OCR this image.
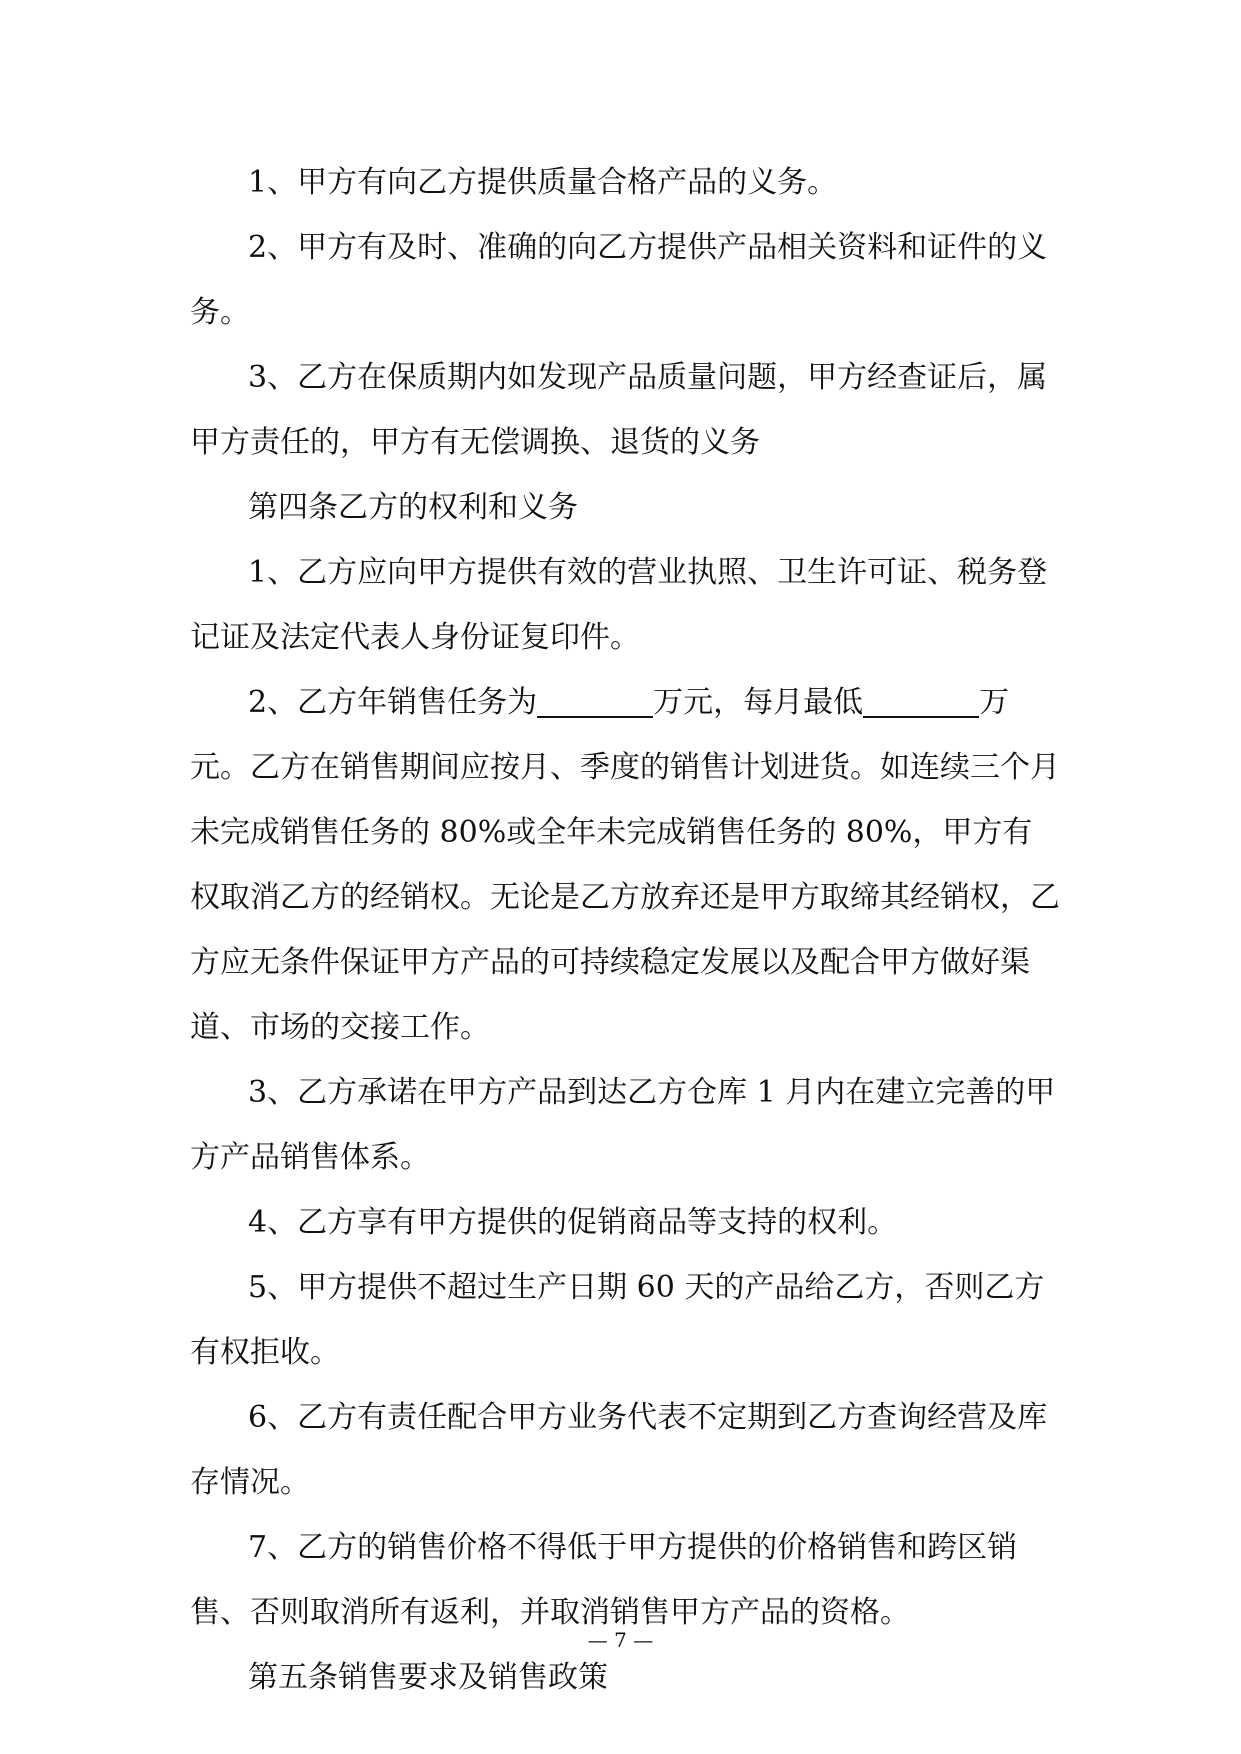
1、甲方有向乙方提供质量合格产品的义务。

2、甲方有及时、准确的向乙方提供产品相关资料和证件的义务。

3、乙方在保质期内如发现产品质量问题，甲方经查证后，属甲方责任的，甲方有无偿调换、退货的义务

第四条乙方的权利和义务

1、乙方应向甲方提供有效的营业执照、卫生许可证、税务登记证及法定代表人身份证复印件。

2、乙方年销售任务为	万元，每月最低	万元。乙方在销售期间应按月、季度的销售计划进货。如连续三个月未完成销售任务的 80%或全年未完成销售任务的 80%，甲方有权取消乙方的经销权。无论是乙方放弃还是甲方取缔其经销权，乙方应无条件保证甲方产品的可持续稳定发展以及配合甲方做好渠道、市场的交接工作。

3、乙方承诺在甲方产品到达乙方仓库 1 月内在建立完善的甲方产品销售体系。

4、乙方享有甲方提供的促销商品等支持的权利。

5、甲方提供不超过生产日期 60 天的产品给乙方，否则乙方有权拒收。

6、乙方有责任配合甲方业务代表不定期到乙方查询经营及库存情况。

7、乙方的销售价格不得低于甲方提供的价格销售和跨区销售、否则取消所有返利，并取消销售甲方产品的资格。

第五条销售要求及销售政策

— 7 —
